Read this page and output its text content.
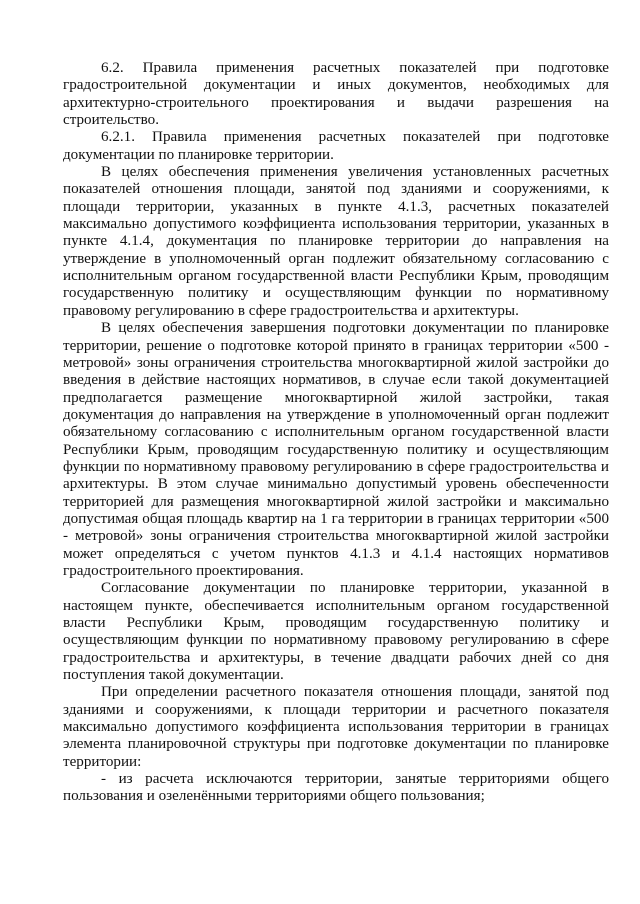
6.2. Правила применения расчетных показателей при подготовке градостроительной документации и иных документов, необходимых для архитектурно-строительного проектирования и выдачи разрешения на строительство.

6.2.1. Правила применения расчетных показателей при подготовке документации по планировке территории.

В целях обеспечения применения увеличения установленных расчетных показателей отношения площади, занятой под зданиями и сооружениями, к площади территории, указанных в пункте 4.1.3, расчетных показателей максимально допустимого коэффициента использования территории, указанных в пункте 4.1.4, документация по планировке территории до направления на утверждение в уполномоченный орган подлежит обязательному согласованию с исполнительным органом государственной власти Республики Крым, проводящим государственную политику и осуществляющим функции по нормативному правовому регулированию в сфере градостроительства и архитектуры.

В целях обеспечения завершения подготовки документации по планировке территории, решение о подготовке которой принято в границах территории «500 - метровой» зоны ограничения строительства многоквартирной жилой застройки до введения в действие настоящих нормативов, в случае если такой документацией предполагается размещение многоквартирной жилой застройки, такая документация до направления на утверждение в уполномоченный орган подлежит обязательному согласованию с исполнительным органом государственной власти Республики Крым, проводящим государственную политику и осуществляющим функции по нормативному правовому регулированию в сфере градостроительства и архитектуры. В этом случае минимально допустимый уровень обеспеченности территорией для размещения многоквартирной жилой застройки и максимально допустимая общая площадь квартир на 1 га территории в границах территории «500 - метровой» зоны ограничения строительства многоквартирной жилой застройки может определяться с учетом пунктов 4.1.3 и 4.1.4 настоящих нормативов градостроительного проектирования.

Согласование документации по планировке территории, указанной в настоящем пункте, обеспечивается исполнительным органом государственной власти Республики Крым, проводящим государственную политику и осуществляющим функции по нормативному правовому регулированию в сфере градостроительства и архитектуры, в течение двадцати рабочих дней со дня поступления такой документации.

При определении расчетного показателя отношения площади, занятой под зданиями и сооружениями, к площади территории и расчетного показателя максимально допустимого коэффициента использования территории в границах элемента планировочной структуры при подготовке документации по планировке территории:

- из расчета исключаются территории, занятые территориями общего пользования и озеленёнными территориями общего пользования;
